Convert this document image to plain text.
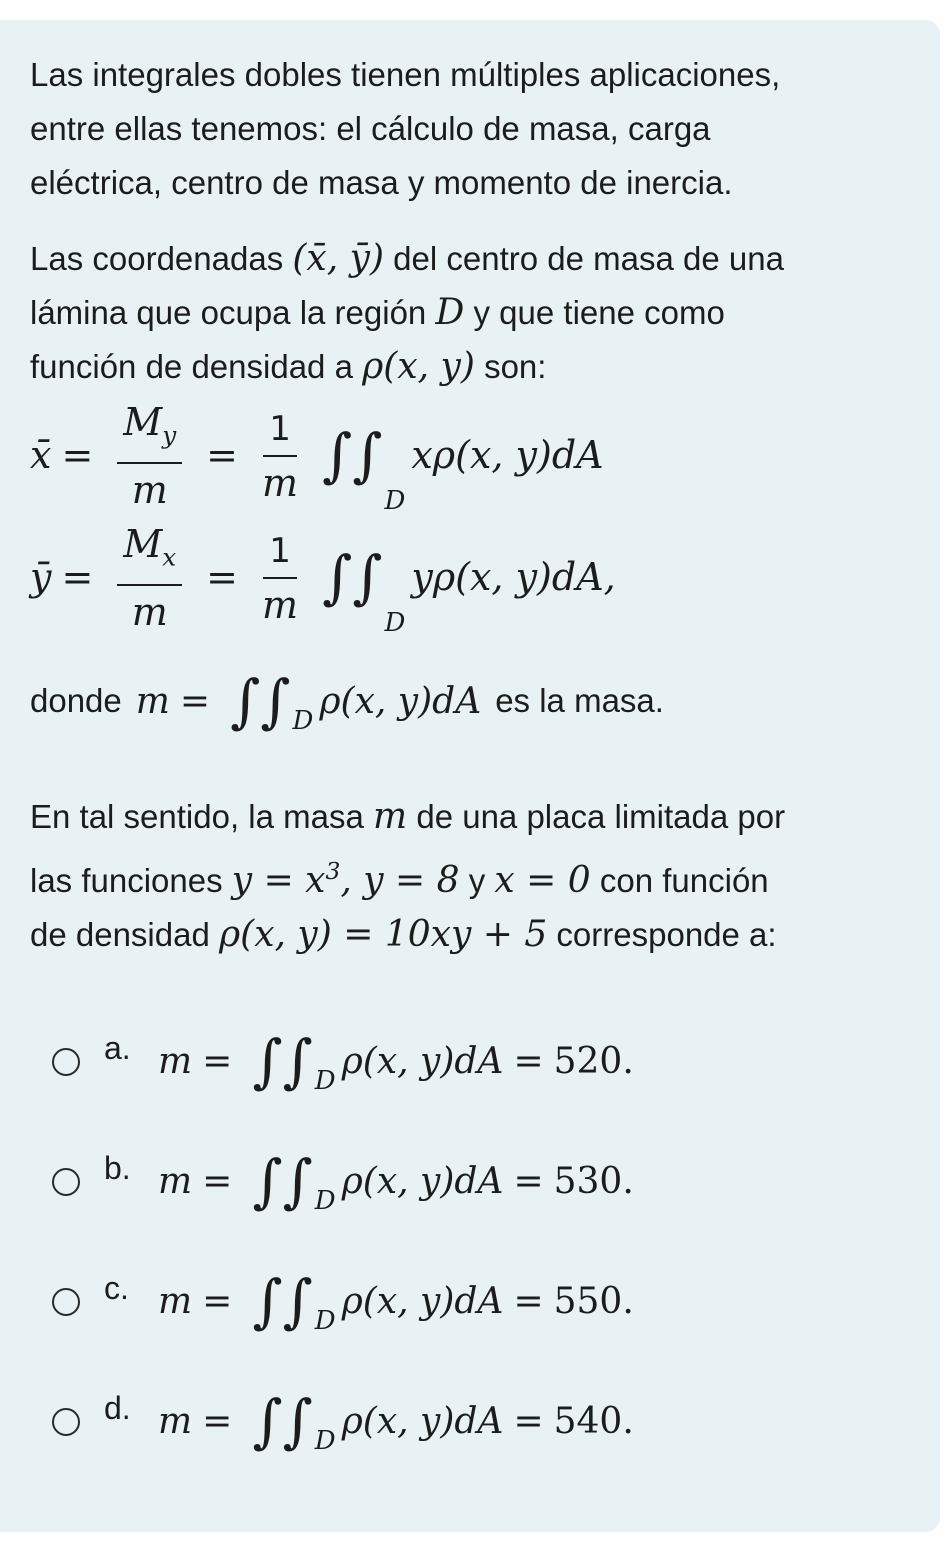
Las integrales dobles tienen múltiples aplicaciones,
entre ellas tenemos: el cálculo de masa, carga
eléctrica, centro de masa y momento de inercia.

Las coordenadas (x̄, ȳ) del centro de masa de una
lámina que ocupa la región D y que tiene como
función de densidad a ρ(x, y) son:

x̄ = $\frac{M_y}{m} = \frac{1}{m}$ ∫∫
D
xρ(x, y)dA
ȳ = $\frac{M_x}{m} = \frac{1}{m}$ ∫∫
D
yρ(x, y)dA,
donde m = ∫∫ D ρ(x, y)dA es la masa.

En tal sentido, la masa m de una placa limitada por
las funciones $y = x^3$, y = 8 y x = 0 con función
de densidad ρ(x, y) = 10xy + 5 corresponde a:

a. m = ∫∫ D ρ(x, y)dA = 520.
b. m = ∫∫ D ρ(x, y)dA = 530.
c. m = ∫∫ D ρ(x, y)dA = 550.
d. m = ∫∫ D ρ(x, y)dA = 540.
